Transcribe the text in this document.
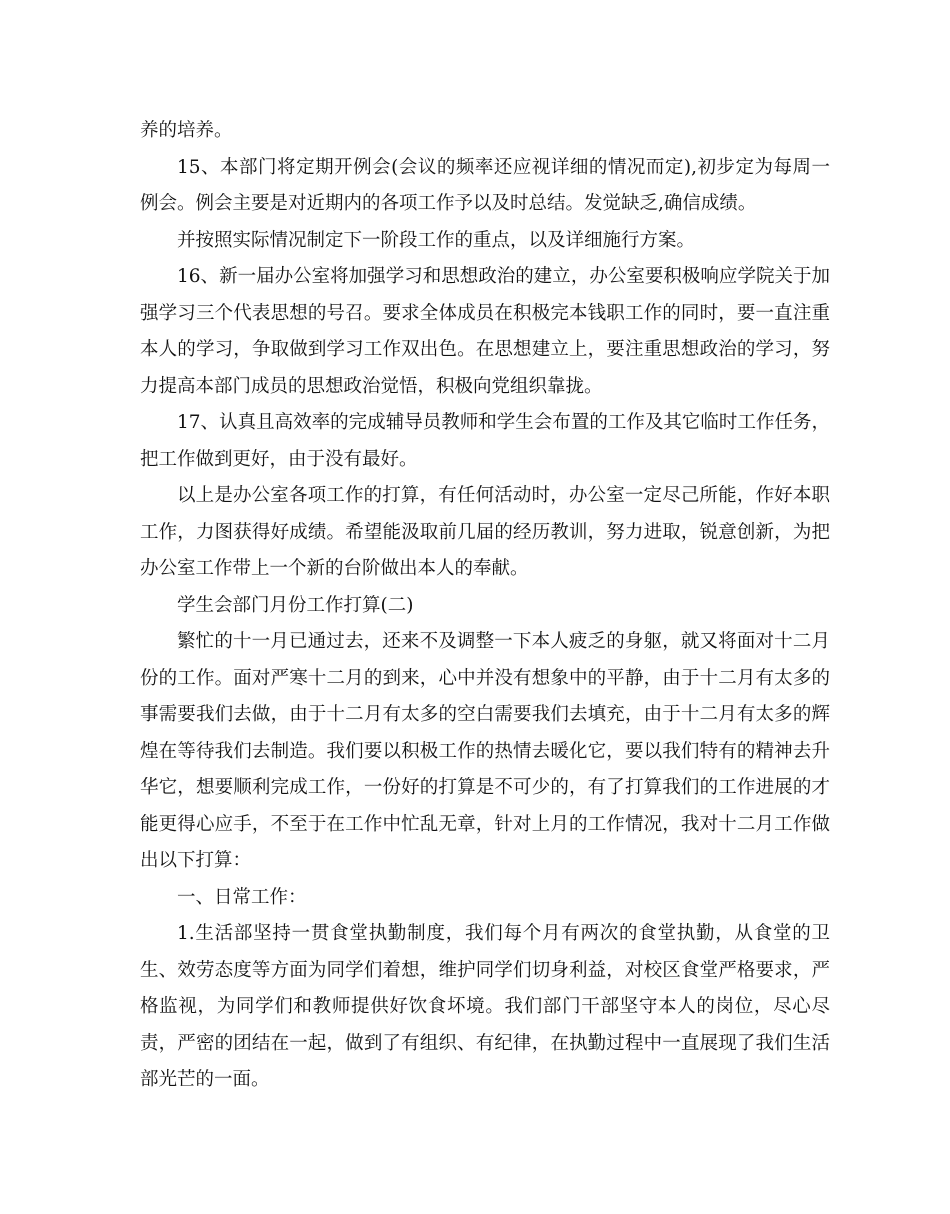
养的培养。

15、本部门将定期开例会(会议的频率还应视详细的情况而定),初步定为每周一例会。例会主要是对近期内的各项工作予以及时总结。发觉缺乏,确信成绩。

并按照实际情况制定下一阶段工作的重点，以及详细施行方案。

16、新一届办公室将加强学习和思想政治的建立，办公室要积极响应学院关于加强学习三个代表思想的号召。要求全体成员在积极完本钱职工作的同时，要一直注重本人的学习，争取做到学习工作双出色。在思想建立上，要注重思想政治的学习，努力提高本部门成员的思想政治觉悟，积极向党组织靠拢。

17、认真且高效率的完成辅导员教师和学生会布置的工作及其它临时工作任务，把工作做到更好，由于没有最好。

以上是办公室各项工作的打算，有任何活动时，办公室一定尽己所能，作好本职工作，力图获得好成绩。希望能汲取前几届的经历教训，努力进取，锐意创新，为把办公室工作带上一个新的台阶做出本人的奉献。

学生会部门月份工作打算(二)

繁忙的十一月已通过去，还来不及调整一下本人疲乏的身躯，就又将面对十二月份的工作。面对严寒十二月的到来，心中并没有想象中的平静，由于十二月有太多的事需要我们去做，由于十二月有太多的空白需要我们去填充，由于十二月有太多的辉煌在等待我们去制造。我们要以积极工作的热情去暖化它，要以我们特有的精神去升华它，想要顺利完成工作，一份好的打算是不可少的，有了打算我们的工作进展的才能更得心应手，不至于在工作中忙乱无章，针对上月的工作情况，我对十二月工作做出以下打算：

一、日常工作：

1.生活部坚持一贯食堂执勤制度，我们每个月有两次的食堂执勤，从食堂的卫生、效劳态度等方面为同学们着想，维护同学们切身利益，对校区食堂严格要求，严格监视，为同学们和教师提供好饮食坏境。我们部门干部坚守本人的岗位，尽心尽责，严密的团结在一起，做到了有组织、有纪律，在执勤过程中一直展现了我们生活部光芒的一面。
